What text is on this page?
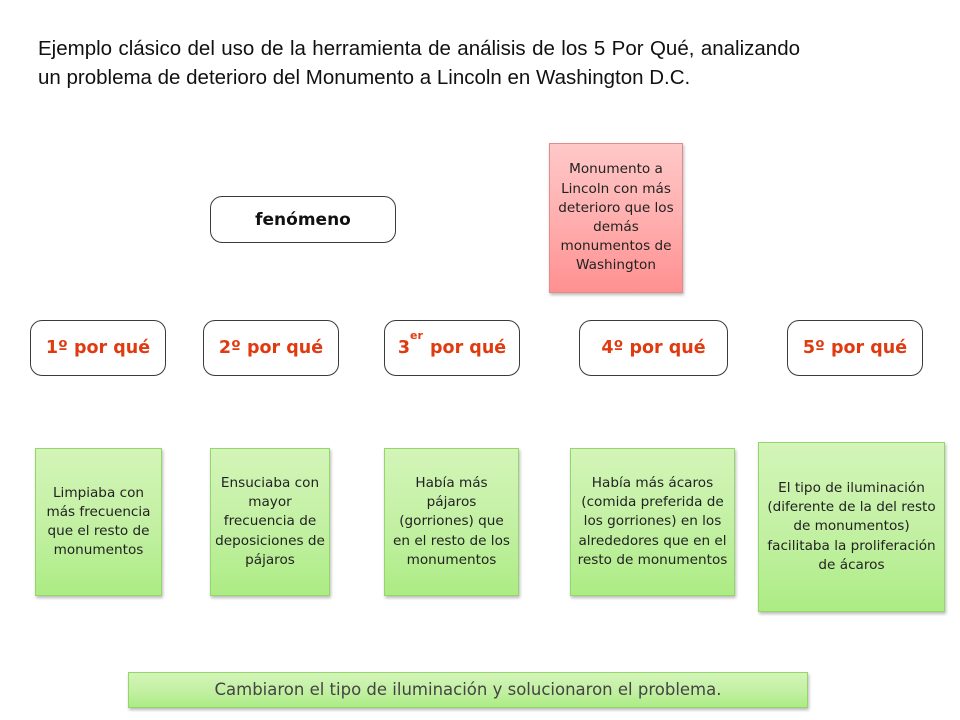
Ejemplo clásico del uso de la herramienta de análisis de los 5 Por Qué, analizando un problema de deterioro del Monumento a Lincoln en Washington D.C.
fenómeno
Monumento a Lincoln con más deterioro que los demás monumentos de Washington
1º por qué	2º por qué	3er por qué	4º por qué	5º por qué
Limpiaba con más frecuencia que el resto de monumentos
Ensuciaba con mayor frecuencia de deposiciones de pájaros
Había más pájaros (gorriones) que en el resto de los monumentos
Había más ácaros (comida preferida de los gorriones) en los alrededores que en el resto de monumentos
El tipo de iluminación (diferente de la del resto de monumentos) facilitaba la proliferación de ácaros
Cambiaron el tipo de iluminación y solucionaron el problema.
